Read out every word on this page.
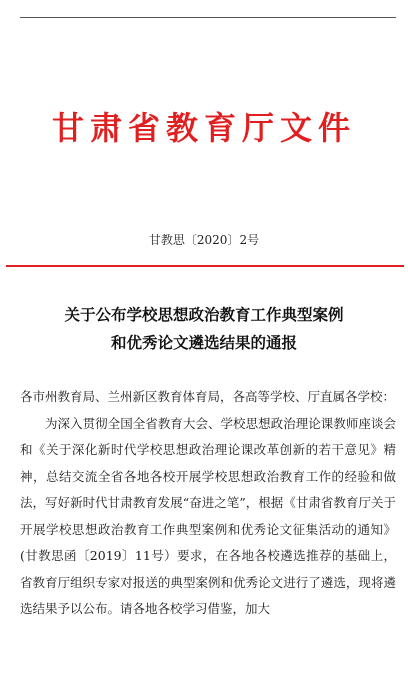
甘肃省教育厅文件
甘教思〔2020〕2号
关于公布学校思想政治教育工作典型案例
和优秀论文遴选结果的通报

各市州教育局、兰州新区教育体育局，各高等学校、厅直属各学校：

为深入贯彻全国全省教育大会、学校思想政治理论课教师座谈会和《关于深化新时代学校思想政治理论课改革创新的若干意见》精神，总结交流全省各地各校开展学校思想政治教育工作的经验和做法，写好新时代甘肃教育发展“奋进之笔”，根据《甘肃省教育厅关于开展学校思想政治教育工作典型案例和优秀论文征集活动的通知》(甘教思函〔2019〕11号）要求，在各地各校遴选推荐的基础上，省教育厅组织专家对报送的典型案例和优秀论文进行了遴选，现将遴选结果予以公布。请各地各校学习借鉴，加大
